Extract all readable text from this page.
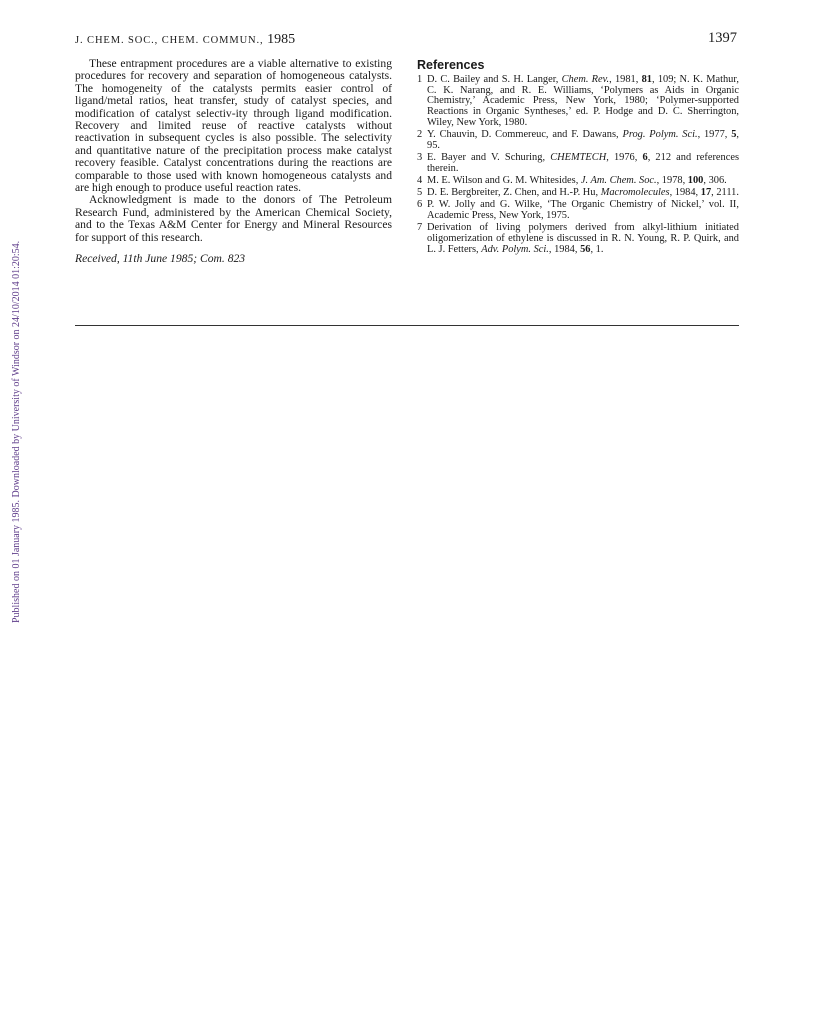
Published on 01 January 1985. Downloaded by University of Windsor on 24/10/2014 01:20:54.
J. CHEM. SOC., CHEM. COMMUN., 1985	1397

These entrapment procedures are a viable alternative to existing procedures for recovery and separation of homogeneous catalysts. The homogeneity of the catalysts permits easier control of ligand/metal ratios, heat transfer, study of catalyst species, and modification of catalyst selectiv-ity through ligand modification. Recovery and limited reuse of reactive catalysts without reactivation in subsequent cycles is also possible. The selectivity and quantitative nature of the precipitation process make catalyst recovery feasible. Catalyst concentrations during the reactions are comparable to those used with known homogeneous catalysts and are high enough to produce useful reaction rates.

Acknowledgment is made to the donors of The Petroleum Research Fund, administered by the American Chemical Society, and to the Texas A&M Center for Energy and Mineral Resources for support of this research.

Received, 11th June 1985; Com. 823

References
1 D. C. Bailey and S. H. Langer, Chem. Rev., 1981, 81, 109; N. K. Mathur, C. K. Narang, and R. E. Williams, ‘Polymers as Aids in Organic Chemistry,’ Academic Press, New York, 1980; ‘Polymer-supported Reactions in Organic Syntheses,’ ed. P. Hodge and D. C. Sherrington, Wiley, New York, 1980.
2 Y. Chauvin, D. Commereuc, and F. Dawans, Prog. Polym. Sci., 1977, 5, 95.
3 E. Bayer and V. Schuring, CHEMTECH, 1976, 6, 212 and references therein.
4 M. E. Wilson and G. M. Whitesides, J. Am. Chem. Soc., 1978, 100, 306.
5 D. E. Bergbreiter, Z. Chen, and H.-P. Hu, Macromolecules, 1984, 17, 2111.
6 P. W. Jolly and G. Wilke, ‘The Organic Chemistry of Nickel,’ vol. II, Academic Press, New York, 1975.
7 Derivation of living polymers derived from alkyl-lithium initiated oligomerization of ethylene is discussed in R. N. Young, R. P. Quirk, and L. J. Fetters, Adv. Polym. Sci., 1984, 56, 1.
